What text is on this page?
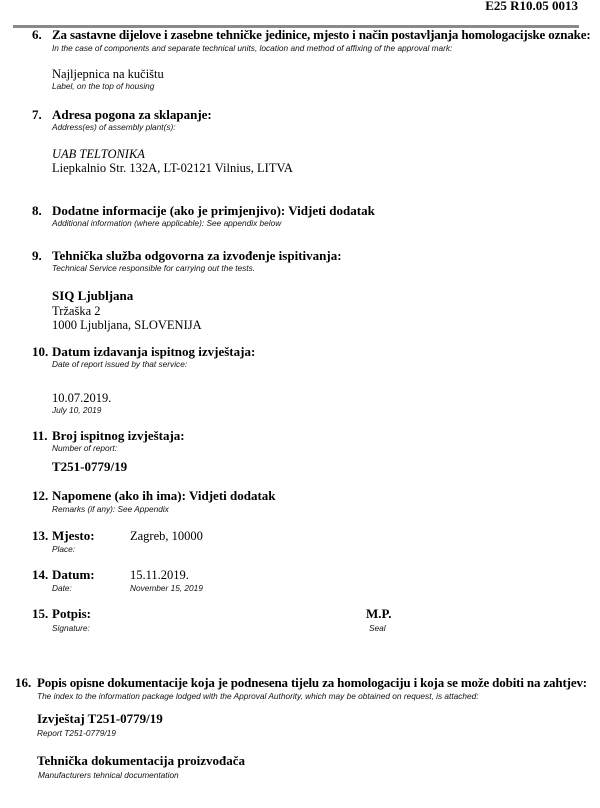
E25 R10.05 0013
6. Za sastavne dijelove i zasebne tehničke jedinice, mjesto i način postavljanja homologacijske oznake:
In the case of components and separate technical units, location and method of affixing of the approval mark:
Najljepnica na kučištu
Label, on the top of housing
7. Adresa pogona za sklapanje:
Address(es) of assembly plant(s):
UAB TELTONIKA
Liepkalnio Str. 132A, LT-02121 Vilnius, LITVA
8. Dodatne informacije (ako je primjenjivo): Vidjeti dodatak
Additional information (where applicable): See appendix below
9. Tehnička služba odgovorna za izvođenje ispitivanja:
Technical Service responsible for carrying out the tests.
SIQ Ljubljana
Tržaška 2
1000 Ljubljana, SLOVENIJA
10. Datum izdavanja ispitnog izvještaja:
Date of report issued by that service:
10.07.2019.
July 10, 2019
11. Broj ispitnog izvještaja:
Number of report:
T251-0779/19
12. Napomene (ako ih ima): Vidjeti dodatak
Remarks (if any): See Appendix
13. Mjesto:	Zagreb, 10000
Place:
14. Datum:	15.11.2019.
Date:	November 15, 2019
15. Potpis:	M.P.
Signature:	Seal
16. Popis opisne dokumentacije koja je podnesena tijelu za homologaciju i koja se može dobiti na zahtjev:
The index to the information package lodged with the Approval Authority, which may be obtained on request, is attached:
Izvještaj T251-0779/19
Report T251-0779/19
Tehnička dokumentacija proizvođača
Manufacturers tehnical documentation
